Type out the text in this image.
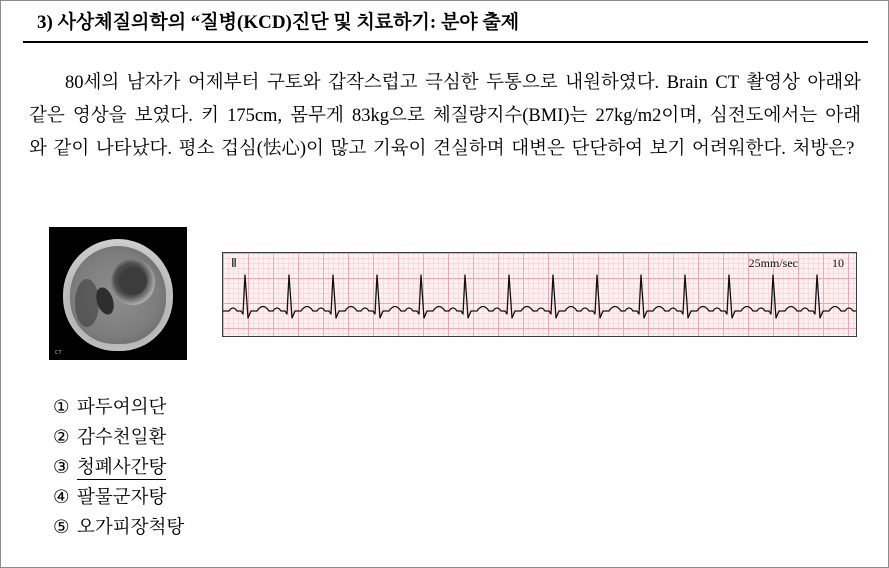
3) 사상체질의학의 “질병(KCD)진단 및 치료하기: 분야 출제
80세의 남자가 어제부터 구토와 갑작스럽고 극심한 두통으로 내원하였다. Brain CT 촬영상 아래와 같은 영상을 보였다. 키 175cm, 몸무게 83kg으로 체질량지수(BMI)는 27kg/m2이며, 심전도에서는 아래와 같이 나타났다. 평소 겁심(怯心)이 많고 기육이 견실하며 대변은 단단하여 보기 어려워한다. 처방은?
CT
Ⅱ	25mm/sec	10
① 파두여의단
② 감수천일환
③ 청폐사간탕
④ 팔물군자탕
⑤ 오가피장척탕
